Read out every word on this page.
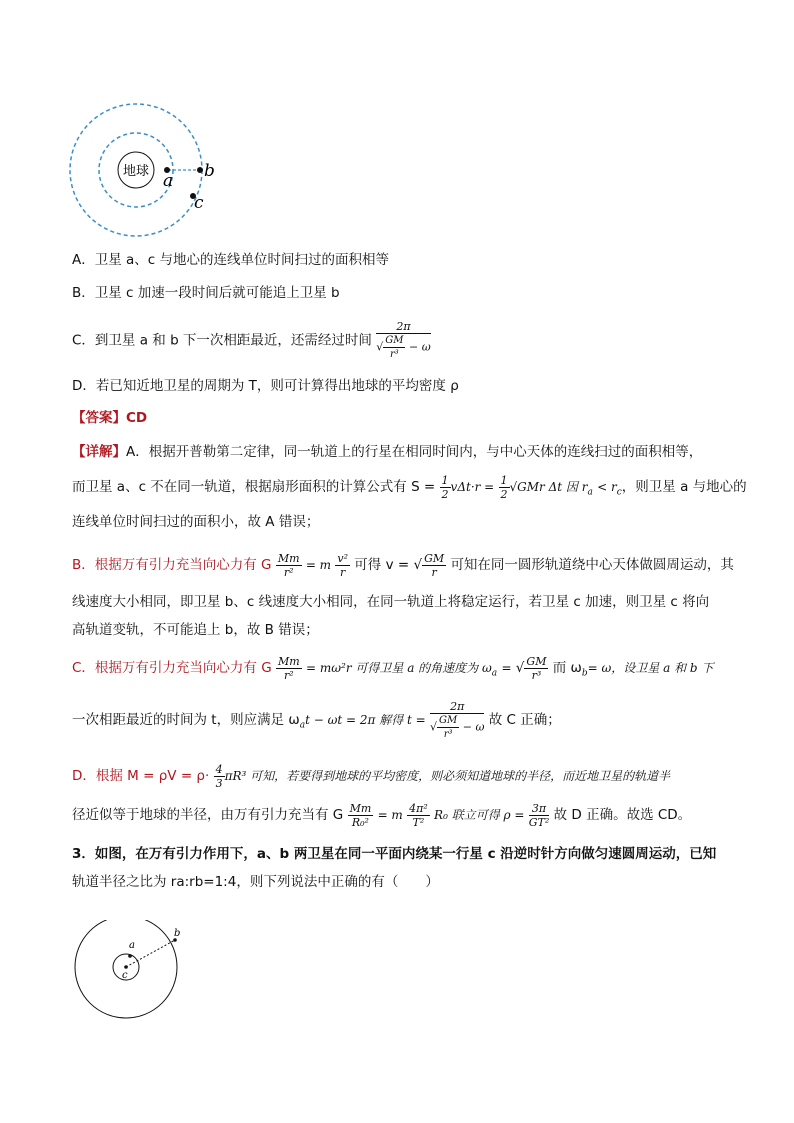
地球 a b
c
A．卫星 a、c 与地心的连线单位时间扫过的面积相等
B．卫星 c 加速一段时间后就可能追上卫星 b
C．到卫星 a 和 b 下一次相距最近，还需经过时间 $\frac{2\pi}{√ \frac{GM}{\text{r³}} - \omega}$
D．若已知近地卫星的周期为 T，则可计算得出地球的平均密度 ρ
【答案】CD
【详解】A．根据开普勒第二定律，同一轨道上的行星在相同时间内，与中心天体的连线扫过的面积相等，
而卫星 a、c 不在同一轨道，根据扇形面积的计算公式有 $S = \frac{1}{2} v\Delta t\cdot r = \frac{1}{2} √GMr$ Δt 因 $r_a < r_c$，则卫星 a 与地心的
连线单位时间扫过的面积小，故 A 错误；
B．根据万有引力充当向心力有 G $\frac{Mm}{\text{r²}} = m \frac{\text{v²}}{r}$ 可得 v = √ $\frac{GM}{r}$ 可知在同一圆形轨道绕中心天体做圆周运动，其
线速度大小相同，即卫星 b、c 线速度大小相同，在同一轨道上将稳定运行，若卫星 c 加速，则卫星 c 将向
高轨道变轨，不可能追上 b，故 B 错误；
C．根据万有引力充当向心力有 G $\frac{Mm}{\text{r²}} = m\omega^2r$ 可得卫星 a 的角速度为 $\omega_a$ = √ $\frac{GM}{\text{r³}}$ 而 $\omega_b= \omega$，设卫星 a 和 b 下
一次相距最近的时间为 t，则应满足 $\omega_at - \omega t = 2\pi$ 解得 $t = \frac{2\pi}{√ \frac{GM}{\text{r³}} - \omega}$ 故 C 正确；
D．根据 $M = \rho V = \rho\cdot \frac{4}{3} \pi R^3$ 可知，若要得到地球的平均密度，则必须知道地球的半径，而近地卫星的轨道半
径近似等于地球的半径，由万有引力充当有 G $\frac{Mm}{\text{R₀²}} = m \frac{\text{4π²}}{\text{T²}} R_0$ 联立可得 $\rho = \frac{3\pi}{\text{GT²}}$ 故 D 正确。故选 CD。
3．如图，在万有引力作用下，a、b 两卫星在同一平面内绕某一行星 c 沿逆时针方向做匀速圆周运动，已知
轨道半径之比为 ra:rb=1:4，则下列说法中正确的有（　　）
a
b
c
